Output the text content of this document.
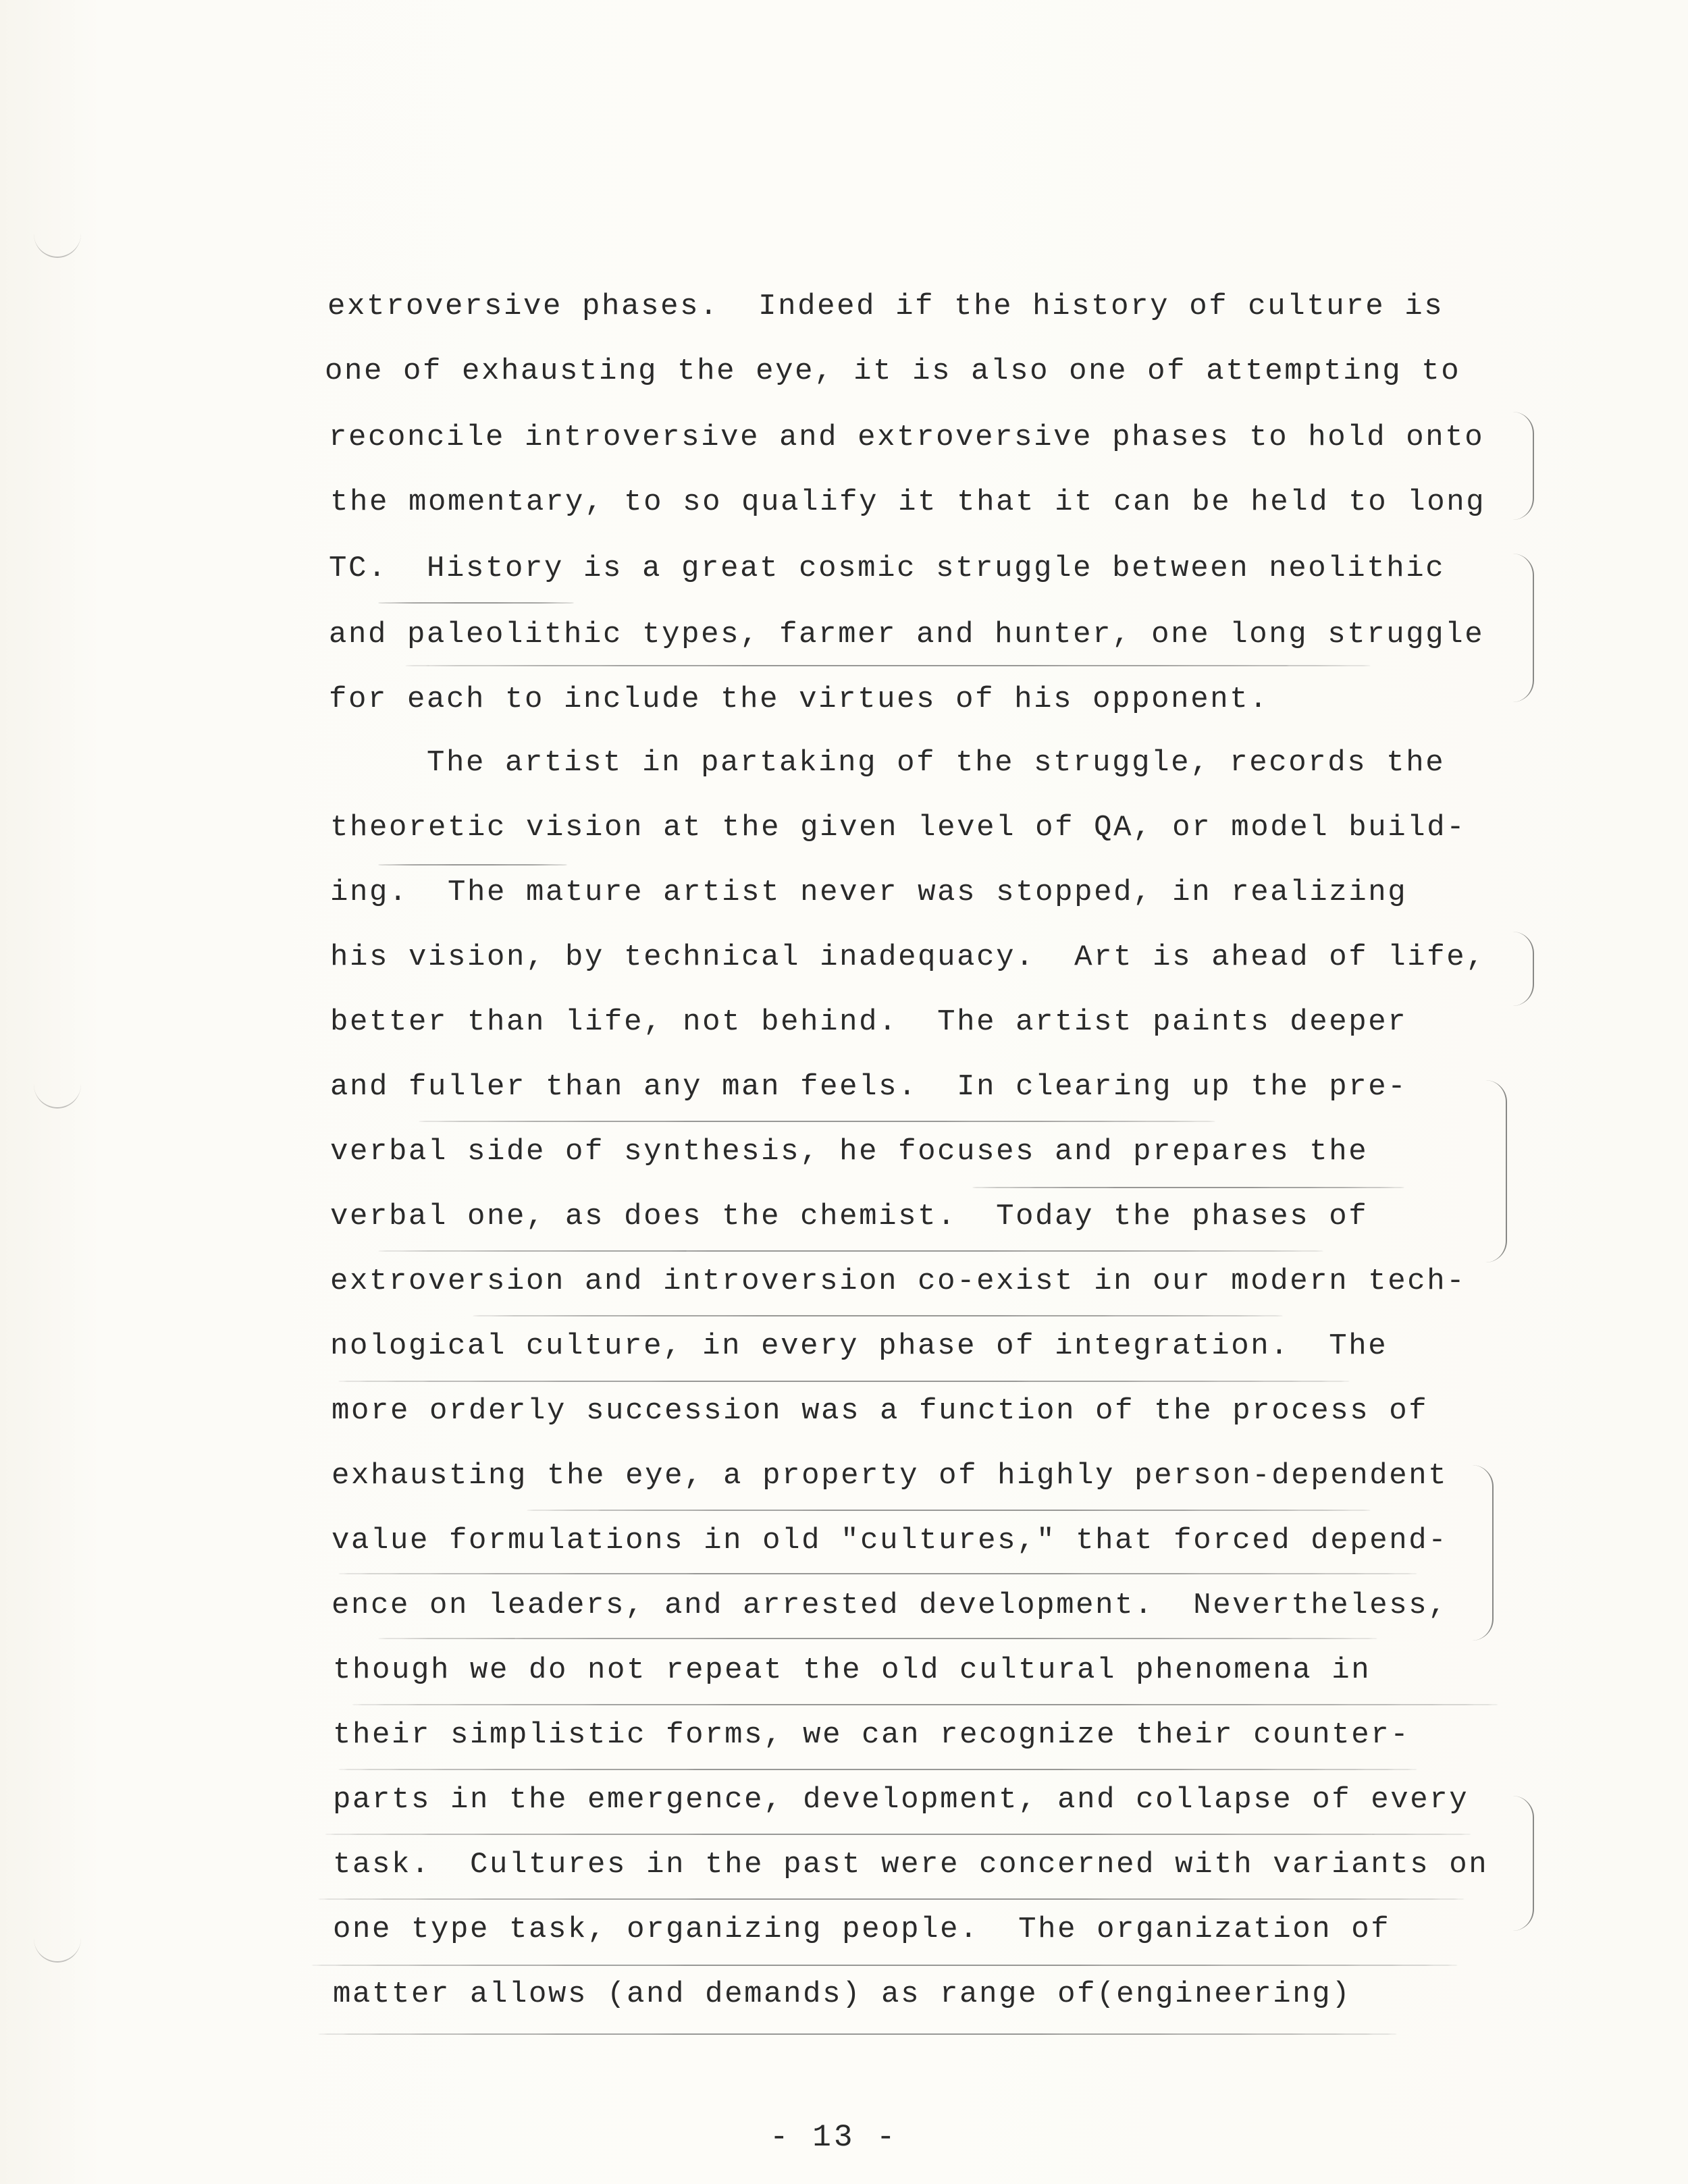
extroversive phases.  Indeed if the history of culture is
one of exhausting the eye, it is also one of attempting to
reconcile introversive and extroversive phases to hold onto
the momentary, to so qualify it that it can be held to long
TC.  History is a great cosmic struggle between neolithic
and paleolithic types, farmer and hunter, one long struggle
for each to include the virtues of his opponent.
The artist in partaking of the struggle, records the
theoretic vision at the given level of QA, or model build-
ing.  The mature artist never was stopped, in realizing
his vision, by technical inadequacy.  Art is ahead of life,
better than life, not behind.  The artist paints deeper
and fuller than any man feels.  In clearing up the pre-
verbal side of synthesis, he focuses and prepares the
verbal one, as does the chemist.  Today the phases of
extroversion and introversion co-exist in our modern tech-
nological culture, in every phase of integration.  The
more orderly succession was a function of the process of
exhausting the eye, a property of highly person-dependent
value formulations in old "cultures," that forced depend-
ence on leaders, and arrested development.  Nevertheless,
though we do not repeat the old cultural phenomena in
their simplistic forms, we can recognize their counter-
parts in the emergence, development, and collapse of every
task.  Cultures in the past were concerned with variants on
one type task, organizing people.  The organization of
matter allows (and demands) as range of(engineering)
- 13 -
